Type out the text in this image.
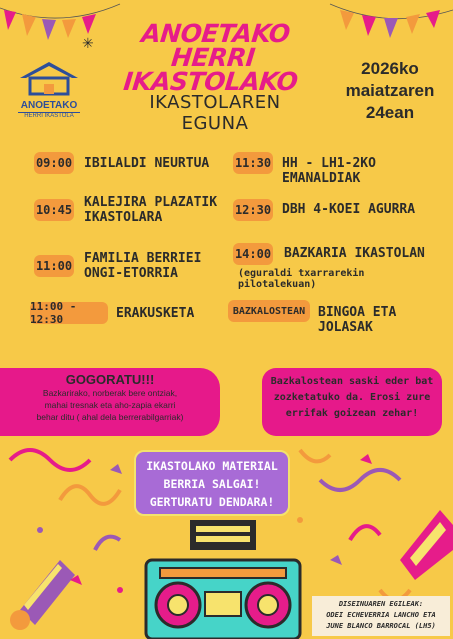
✳
ANOETAKO
HERRI IKASTOLA
ANOETAKO HERRI
IKASTOLAKO
IKASTOLAREN EGUNA
2026ko
maiatzaren
24ean
09:00 IBILALDI NEURTUA
10:45 KALEJIRA PLAZATIK
IKASTOLARA
11:00 FAMILIA BERRIEI
ONGI-ETORRIA
11:00 - 12:30	ERAKUSKETA
11:30 HH - LH1-2KO EMANALDIAK
12:30 DBH 4-KOEI AGURRA
14:00 BAZKARIA IKASTOLAN
(eguraldi txarrarekin pilotalekuan)
BAZKALOSTEAN BINGOA ETA JOLASAK
GOGORATU!!!

Bazkarirako, norberak bere ontziak,

mahai tresnak eta aho-zapia ekarri

behar ditu ( ahal dela berrerabilgarriak)

Bazkalostean saski eder bat

zozketatuko da. Erosi zure

errifak goizean zehar!

IKASTOLAKO MATERIAL

BERRIA SALGAI!

GERTURATU DENDARA!

DISEINUAREN EGILEAK:
ODEI ECHEVERRIA LANCHO ETA
JUNE BLANCO BARROCAL (LH5)
